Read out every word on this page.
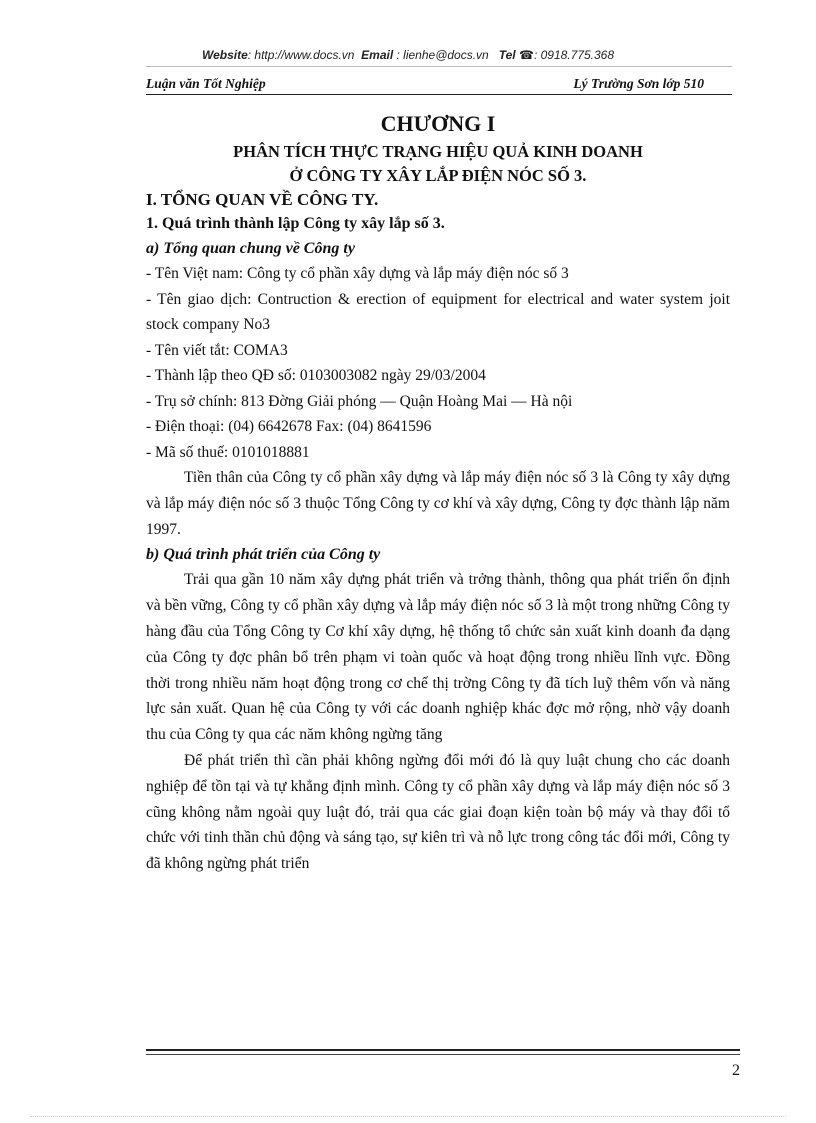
Website: http://www.docs.vn Email : lienhe@docs.vn Tel ☎: 0918.775.368
Luận văn Tốt Nghiệp	Lý Trường Sơn lớp 510

CHƯƠNG I

PHÂN TÍCH THỰC TRẠNG HIỆU QUẢ KINH DOANH

Ở CÔNG TY XÂY LẮP ĐIỆN NÓC SỐ 3.

I. TỔNG QUAN VỀ CÔNG TY.

1. Quá trình thành lập Công ty xây lắp số 3.

a) Tổng quan chung về Công ty

- Tên Việt nam: Công ty cổ phần xây dựng và lắp máy điện nóc số 3

- Tên giao dịch: Contruction & erection of equipment for electrical and water system joit stock company No3

- Tên viết tắt: COMA3

- Thành lập theo QĐ số: 0103003082 ngày 29/03/2004

- Trụ sở chính: 813 Đờng Giải phóng — Quận Hoàng Mai — Hà nội

- Điện thoại: (04) 6642678 Fax: (04) 8641596

- Mã số thuế: 0101018881

Tiền thân của Công ty cổ phần xây dựng và lắp máy điện nóc số 3 là Công ty xây dựng và lắp máy điện nóc số 3 thuộc Tổng Công ty cơ khí và xây dựng, Công ty đợc thành lập năm 1997.

b) Quá trình phát triển của Công ty

Trải qua gần 10 năm xây dựng phát triển và trởng thành, thông qua phát triển ổn định và bền vững, Công ty cổ phần xây dựng và lắp máy điện nóc số 3 là một trong những Công ty hàng đầu của Tổng Công ty Cơ khí xây dựng, hệ thống tổ chức sản xuất kinh doanh đa dạng của Công ty đợc phân bổ trên phạm vi toàn quốc và hoạt động trong nhiều lĩnh vực. Đồng thời trong nhiều năm hoạt động trong cơ chế thị trờng Công ty đã tích luỹ thêm vốn và năng lực sản xuất. Quan hệ của Công ty với các doanh nghiệp khác đợc mở rộng, nhờ vậy doanh thu của Công ty qua các năm không ngừng tăng

Để phát triển thì cần phải không ngừng đổi mới đó là quy luật chung cho các doanh nghiệp để tồn tại và tự khẳng định mình. Công ty cổ phần xây dựng và lắp máy điện nóc số 3 cũng không nằm ngoài quy luật đó, trải qua các giai đoạn kiện toàn bộ máy và thay đổi tổ chức với tinh thần chủ động và sáng tạo, sự kiên trì và nỗ lực trong công tác đổi mới, Công ty đã không ngừng phát triển

2
